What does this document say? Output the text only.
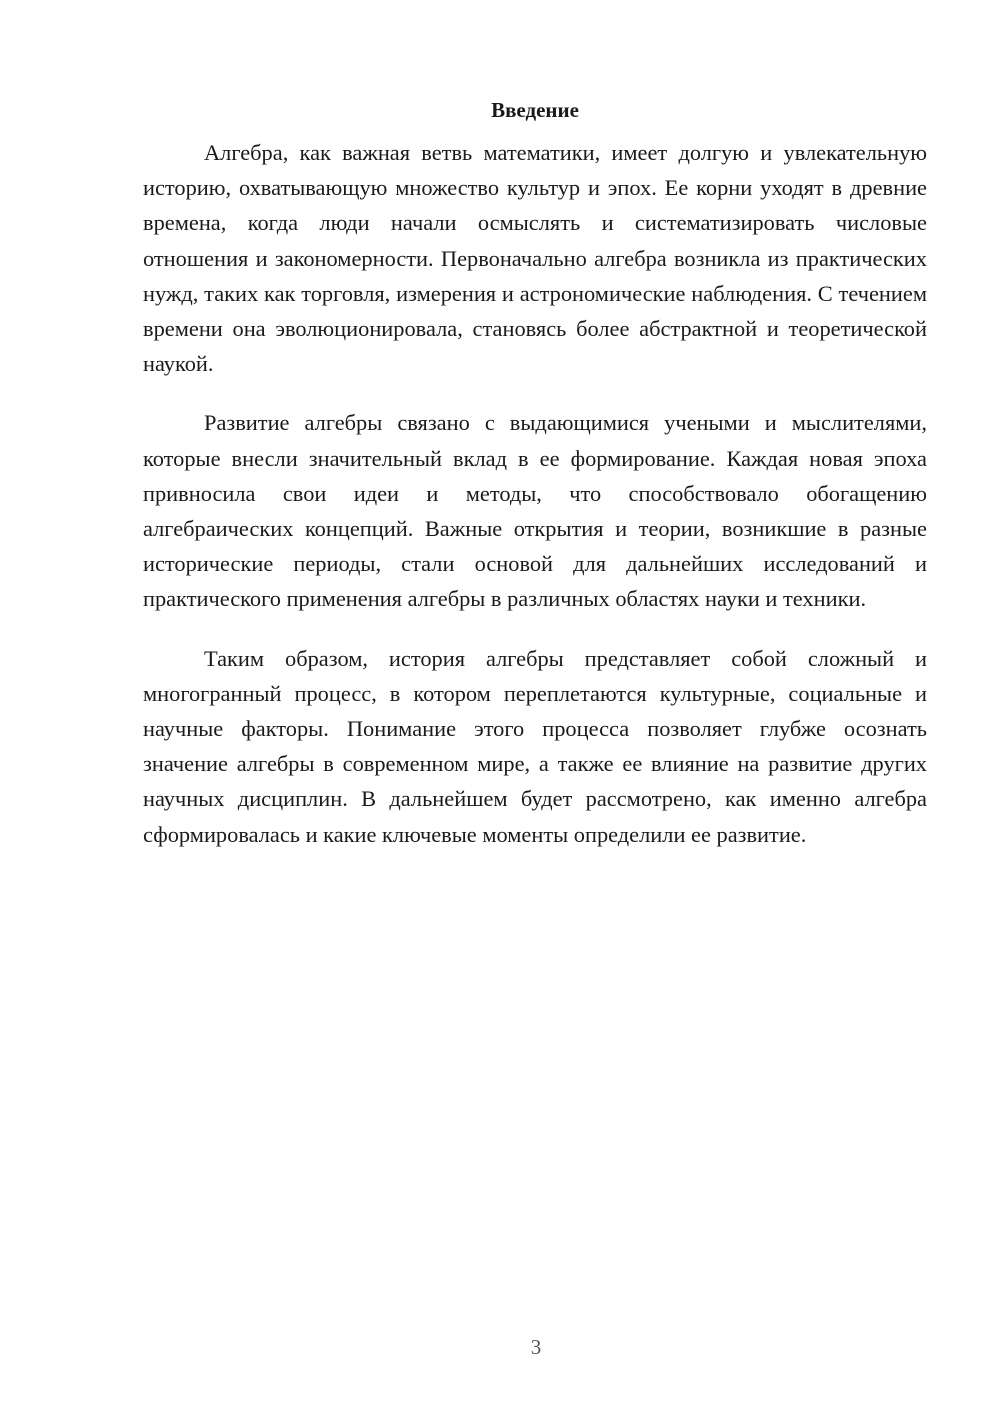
Введение

Алгебра, как важная ветвь математики, имеет долгую и увлекательную историю, охватывающую множество культур и эпох. Ее корни уходят в древние времена, когда люди начали осмыслять и систематизировать числовые отношения и закономерности. Первоначально алгебра возникла из практических нужд, таких как торговля, измерения и астрономические наблюдения. С течением времени она эволюционировала, становясь более абстрактной и теоретической наукой.

Развитие алгебры связано с выдающимися учеными и мыслителями, которые внесли значительный вклад в ее формирование. Каждая новая эпоха привносила свои идеи и методы, что способствовало обогащению алгебраических концепций. Важные открытия и теории, возникшие в разные исторические периоды, стали основой для дальнейших исследований и практического применения алгебры в различных областях науки и техники.

Таким образом, история алгебры представляет собой сложный и многогранный процесс, в котором переплетаются культурные, социальные и научные факторы. Понимание этого процесса позволяет глубже осознать значение алгебры в современном мире, а также ее влияние на развитие других научных дисциплин. В дальнейшем будет рассмотрено, как именно алгебра сформировалась и какие ключевые моменты определили ее развитие.

3
